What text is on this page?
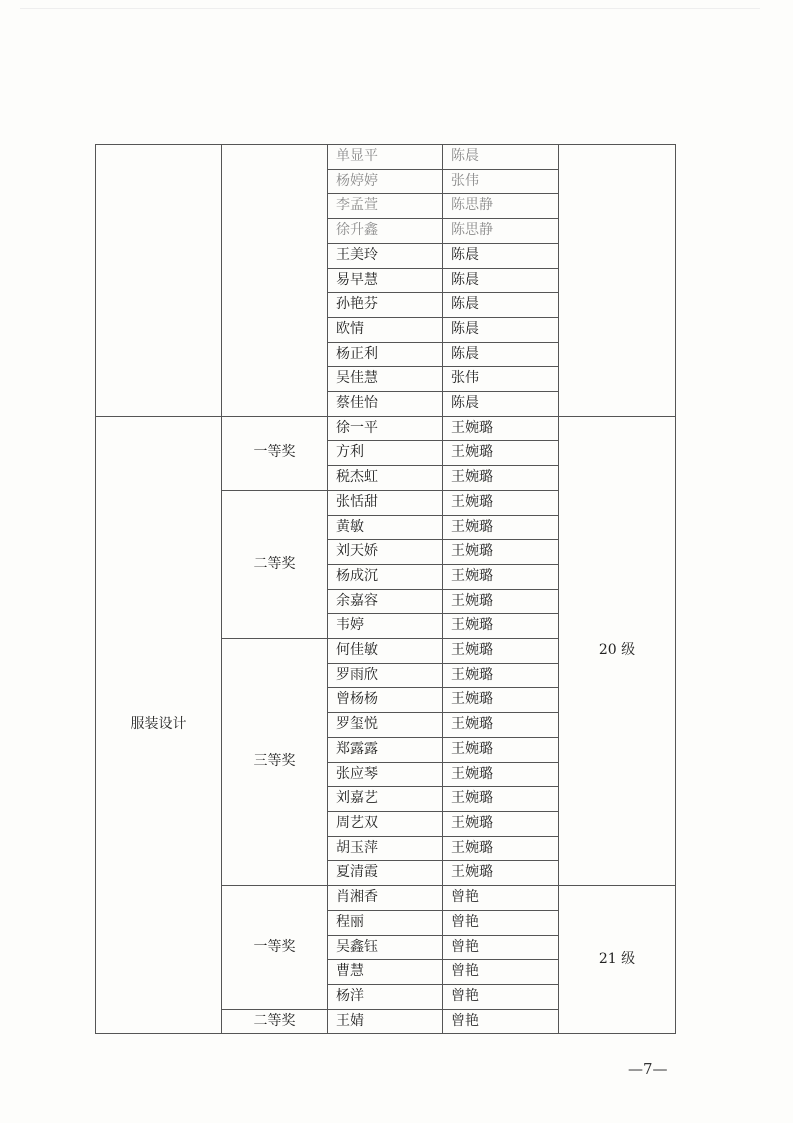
		单显平	陈晨	
		杨婷婷	张伟	
		李孟萱	陈思静	
		徐升鑫	陈思静	
		王美玲	陈晨	
		易早慧	陈晨	
		孙艳芬	陈晨	
		欧情	陈晨	
		杨正利	陈晨	
		吴佳慧	张伟	
		蔡佳怡	陈晨	
服装设计	一等奖	徐一平	王婉璐	20 级
		方利	王婉璐	
		税杰虹	王婉璐	
	二等奖	张恬甜	王婉璐	
		黄敏	王婉璐	
		刘天娇	王婉璐	
		杨成沉	王婉璐	
		余嘉容	王婉璐	
		韦婷	王婉璐	
	三等奖	何佳敏	王婉璐	
		罗雨欣	王婉璐	
		曾杨杨	王婉璐	
		罗玺悦	王婉璐	
		郑露露	王婉璐	
		张应琴	王婉璐	
		刘嘉艺	王婉璐	
		周艺双	王婉璐	
		胡玉萍	王婉璐	
		夏清霞	王婉璐	
	一等奖	肖湘香	曾艳	21 级
		程丽	曾艳	
		吴鑫钰	曾艳	
		曹慧	曾艳	
		杨洋	曾艳	
	二等奖	王婧	曾艳	
—7—
